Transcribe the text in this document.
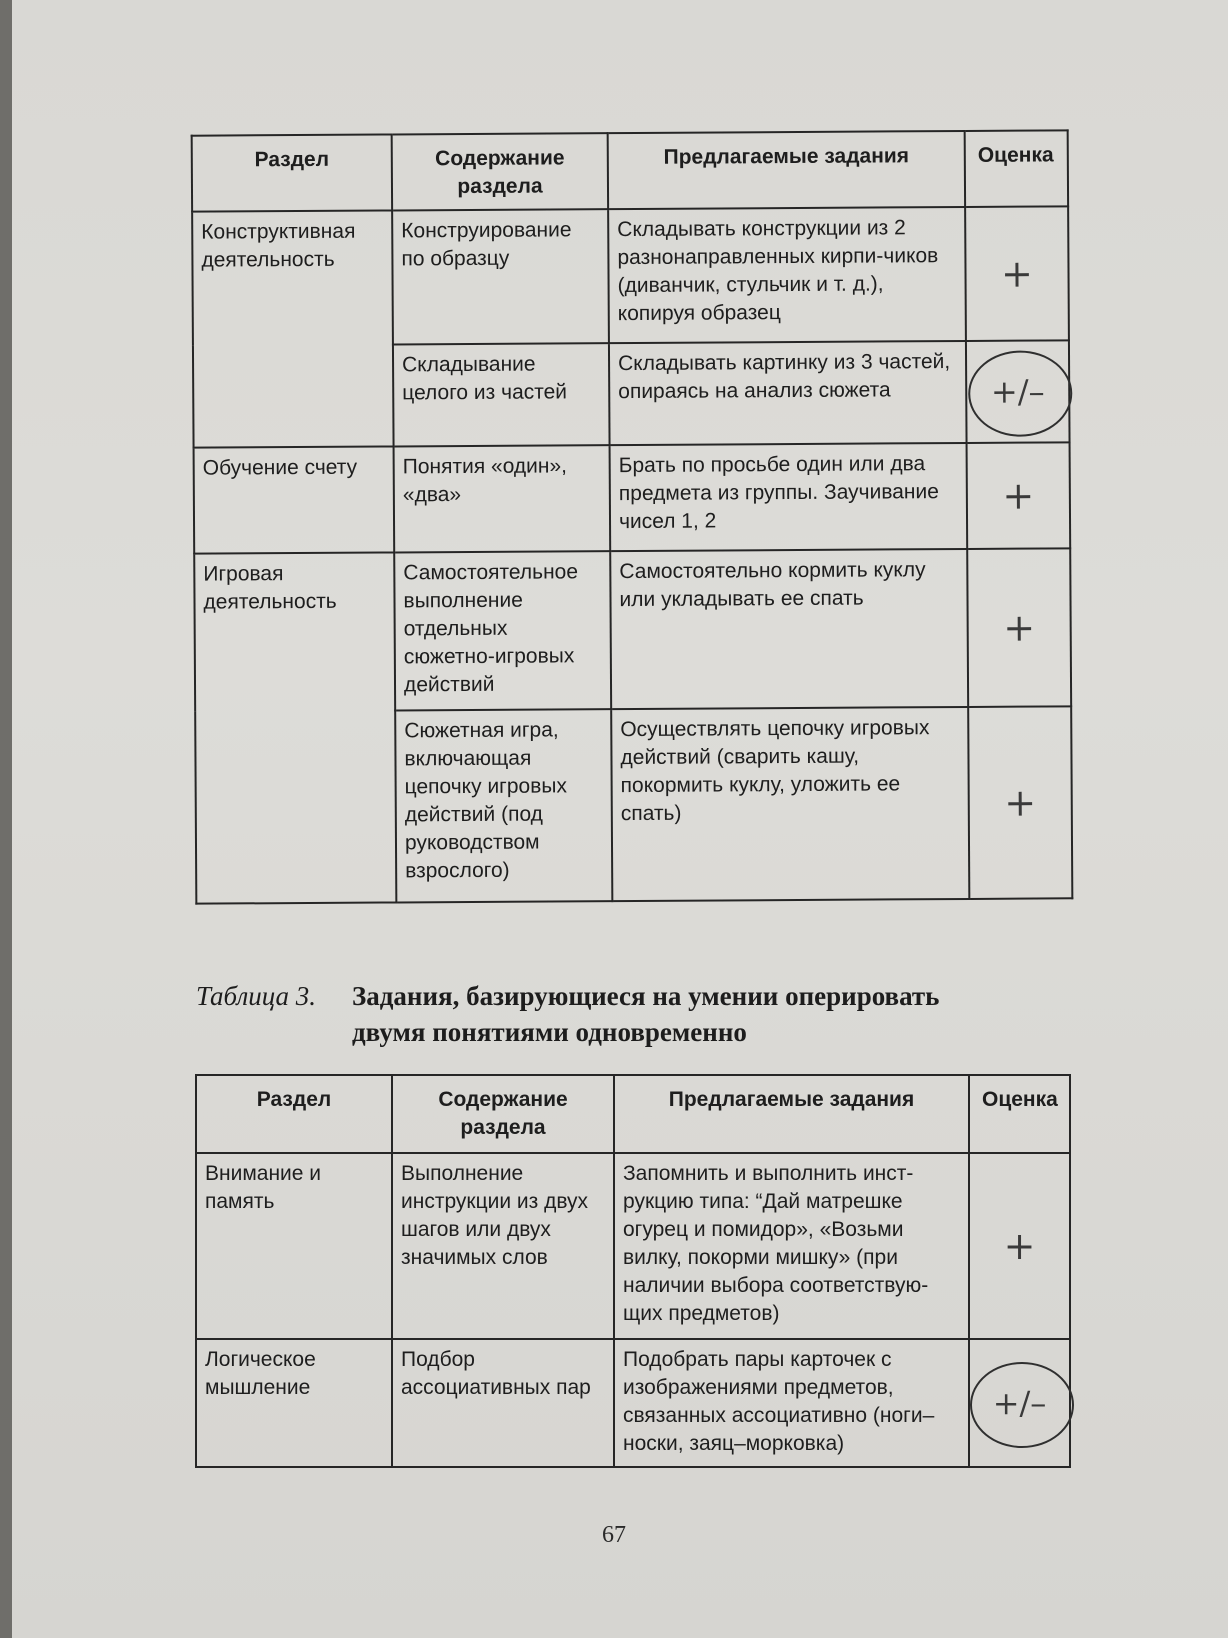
Раздел	Содержание раздела	Предлагаемые задания	Оценка
Конструктивная деятельность	Конструирование по образцу	Складывать конструкции из 2 разнонаправленных кирпи-чиков (диванчик, стульчик и т. д.), копируя образец	+

	Складывание целого из частей	Складывать картинку из 3 частей, опираясь на анализ сюжета	+/–

Обучение счету	Понятия «один», «два»	Брать по просьбе один или два предмета из группы. Заучивание чисел 1, 2	+

Игровая деятельность	Самостоятельное выполнение отдельных сюжетно-игровых действий	Самостоятельно кормить куклу или укладывать ее спать	+

	Сюжетная игра, включающая цепочку игровых действий (под руководством взрослого)	Осуществлять цепочку игровых действий (сварить кашу, покормить куклу, уложить ее спать)	+
Таблица 3. Задания, базирующиеся на умении оперировать
двумя понятиями одновременно
Раздел	Содержание раздела	Предлагаемые задания	Оценка
Внимание и память	Выполнение инструкции из двух шагов или двух значимых слов	Запомнить и выполнить инст-рукцию типа: “Дай матрешке огурец и помидор», «Возьми вилку, покорми мишку» (при наличии выбора соответствую-щих предметов)	+

Логическое мышление	Подбор ассоциативных пар	Подобрать пары карточек с изображениями предметов, связанных ассоциативно (ноги–носки, заяц–морковка)	+/–
67
